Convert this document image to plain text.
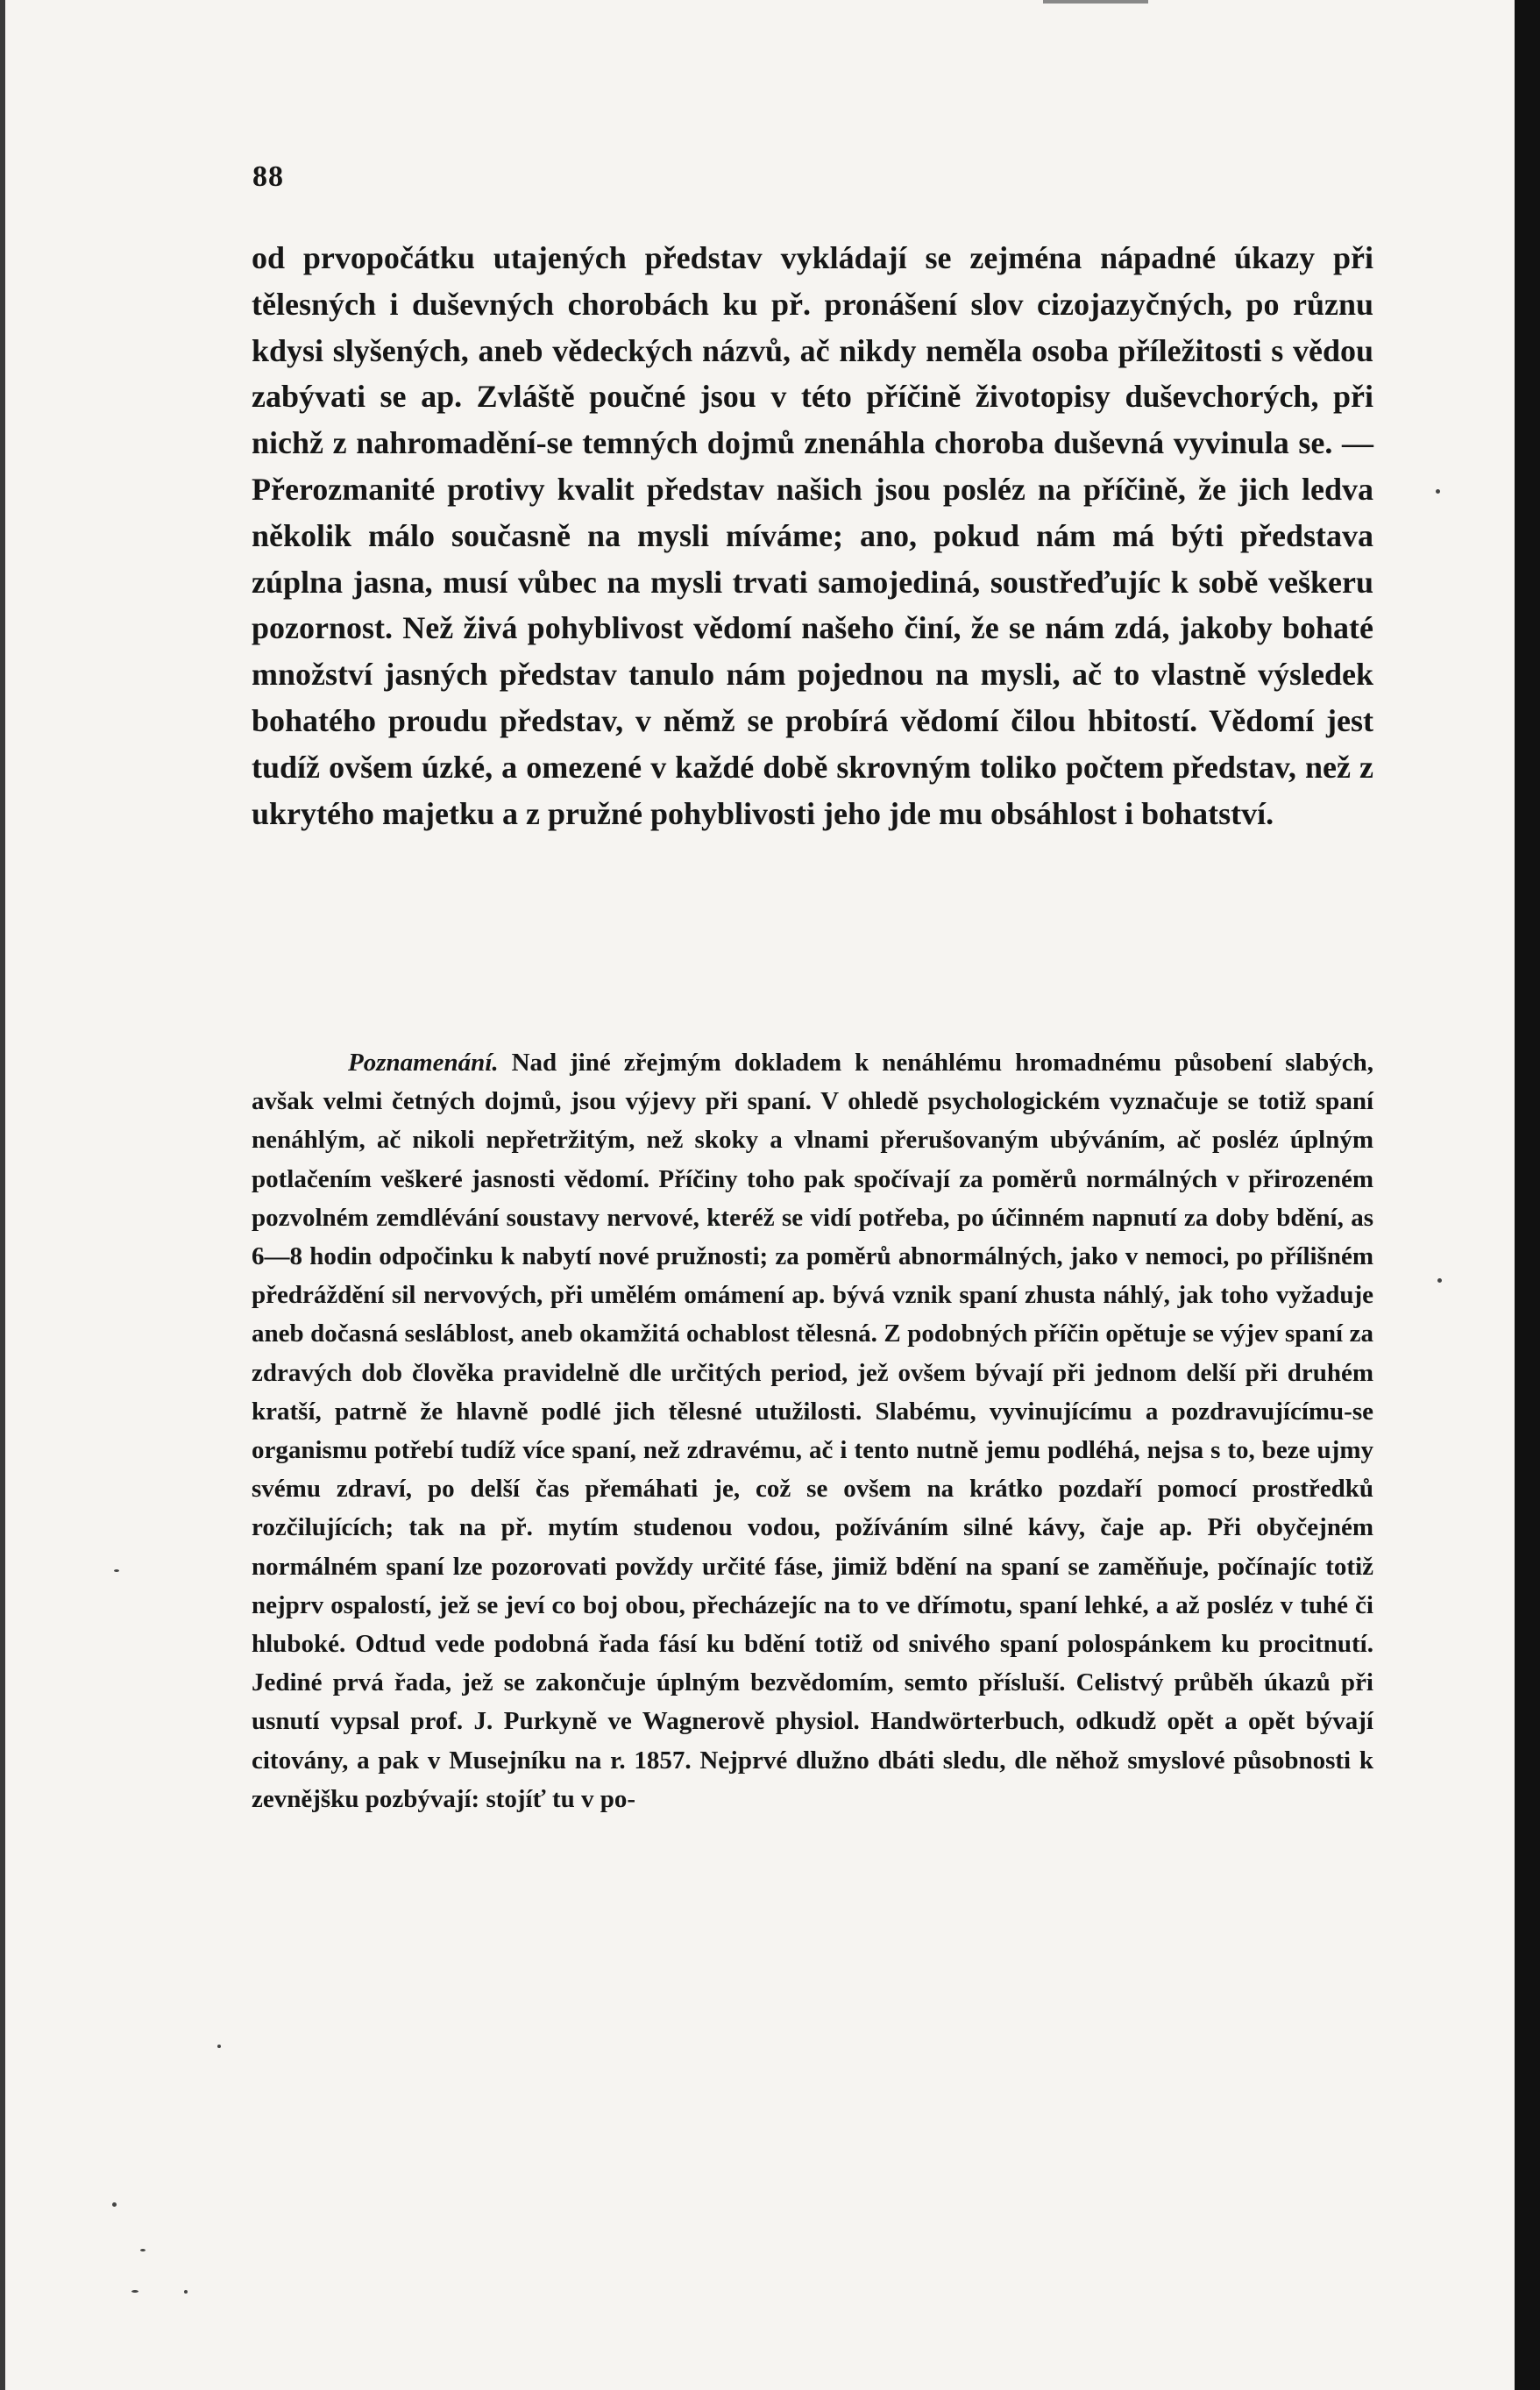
88

od prvopočátku utajených představ vykládají se zejména nápadné úkazy při tělesných i duševných chorobách ku př. pronášení slov cizojazyčných, po různu kdysi slyšených, aneb vědeckých názvů, ač nikdy neměla osoba příležitosti s vědou zabývati se ap. Zvláště poučné jsou v této příčině životopisy duševchorých, při nichž z nahromadění-se temných dojmů znenáhla choroba duševná vyvinula se. — Přerozmanité protivy kvalit představ našich jsou posléz na příčině, že jich ledva několik málo současně na mysli míváme; ano, pokud nám má býti představa zúplna jasna, musí vůbec na mysli trvati samojediná, soustřeďujíc k sobě veškeru pozornost. Než živá pohyblivost vědomí našeho činí, že se nám zdá, jakoby bohaté množství jasných představ tanulo nám pojednou na mysli, ač to vlastně výsledek bohatého proudu představ, v němž se probírá vědomí čilou hbitostí. Vědomí jest tudíž ovšem úzké, a omezené v každé době skrovným toliko počtem představ, než z ukrytého majetku a z pružné pohyblivosti jeho jde mu obsáhlost i bohatství.

Poznamenání. Nad jiné zřejmým dokladem k nenáhlému hromadnému působení slabých, avšak velmi četných dojmů, jsou výjevy při spaní. V ohledě psychologickém vyznačuje se totiž spaní nenáhlým, ač nikoli nepřetržitým, než skoky a vlnami přerušovaným ubýváním, ač posléz úplným potlačením veškeré jasnosti vědomí. Příčiny toho pak spočívají za poměrů normálných v přirozeném pozvolném zemdlévání soustavy nervové, kteréž se vidí potřeba, po účinném napnutí za doby bdění, as 6—8 hodin odpočinku k nabytí nové pružnosti; za poměrů abnormálných, jako v nemoci, po přílišném předráždění sil nervových, při umělém omámení ap. bývá vznik spaní zhusta náhlý, jak toho vyžaduje aneb dočasná sesláblost, aneb okamžitá ochablost tělesná. Z podobných příčin opětuje se výjev spaní za zdravých dob člověka pravidelně dle určitých period, jež ovšem bývají při jednom delší při druhém kratší, patrně že hlavně podlé jich tělesné utužilosti. Slabému, vyvinujícímu a pozdravujícímu-se organismu potřebí tudíž více spaní, než zdravému, ač i tento nutně jemu podléhá, nejsa s to, beze ujmy svému zdraví, po delší čas přemáhati je, což se ovšem na krátko pozdaří pomocí prostředků rozčilujících; tak na př. mytím studenou vodou, požíváním silné kávy, čaje ap. Při obyčejném normálném spaní lze pozorovati povždy určité fáse, jimiž bdění na spaní se zaměňuje, počínajíc totiž nejprv ospalostí, jež se jeví co boj obou, přecházejíc na to ve dřímotu, spaní lehké, a až posléz v tuhé či hluboké. Odtud vede podobná řada fásí ku bdění totiž od snivého spaní polospánkem ku procitnutí. Jediné prvá řada, jež se zakončuje úplným bezvědomím, semto přísluší. Celistvý průběh úkazů při usnutí vypsal prof. J. Purkyně ve Wagnerově physiol. Handwörterbuch, odkudž opět a opět bývají citovány, a pak v Musejníku na r. 1857. Nejprvé dlužno dbáti sledu, dle něhož smyslové působnosti k zevnějšku pozbývají: stojíť tu v po-
